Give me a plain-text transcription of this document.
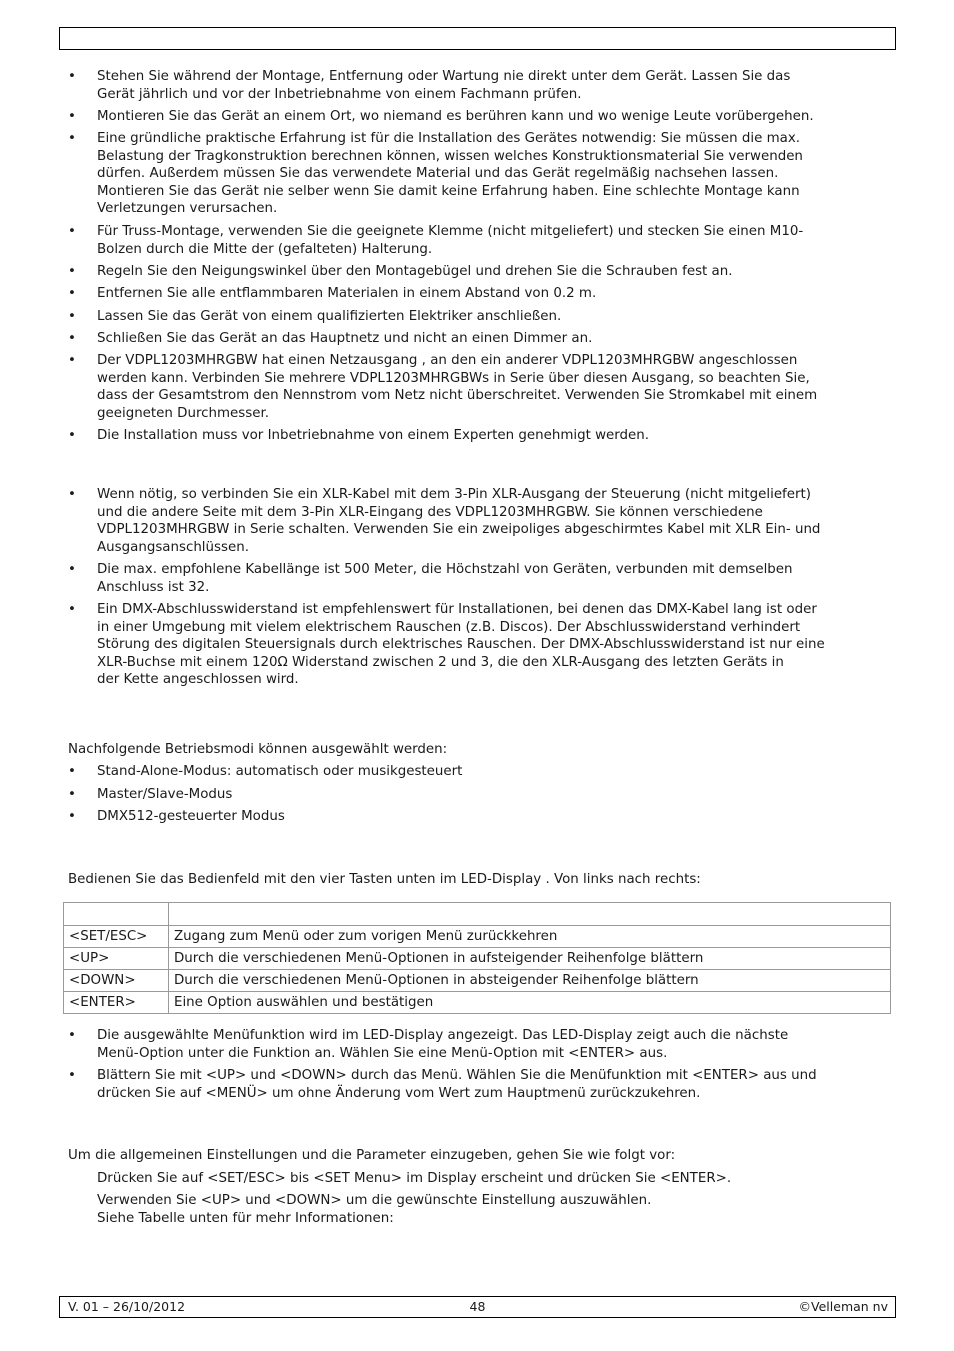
• Stehen Sie während der Montage, Entfernung oder Wartung nie direkt unter dem Gerät. Lassen Sie das
Gerät jährlich und vor der Inbetriebnahme von einem Fachmann prüfen.
• Montieren Sie das Gerät an einem Ort, wo niemand es berühren kann und wo wenige Leute vorübergehen.
• Eine gründliche praktische Erfahrung ist für die Installation des Gerätes notwendig: Sie müssen die max.
Belastung der Tragkonstruktion berechnen können, wissen welches Konstruktionsmaterial Sie verwenden
dürfen. Außerdem müssen Sie das verwendete Material und das Gerät regelmäßig nachsehen lassen.
Montieren Sie das Gerät nie selber wenn Sie damit keine Erfahrung haben. Eine schlechte Montage kann
Verletzungen verursachen.
• Für Truss-Montage, verwenden Sie die geeignete Klemme (nicht mitgeliefert) und stecken Sie einen M10-
Bolzen durch die Mitte der (gefalteten) Halterung.
• Regeln Sie den Neigungswinkel über den Montagebügel und drehen Sie die Schrauben fest an.
• Entfernen Sie alle entflammbaren Materialen in einem Abstand von 0.2 m.
• Lassen Sie das Gerät von einem qualifizierten Elektriker anschließen.
• Schließen Sie das Gerät an das Hauptnetz und nicht an einen Dimmer an.
• Der VDPL1203MHRGBW hat einen Netzausgang , an den ein anderer VDPL1203MHRGBW angeschlossen
werden kann. Verbinden Sie mehrere VDPL1203MHRGBWs in Serie über diesen Ausgang, so beachten Sie,
dass der Gesamtstrom den Nennstrom vom Netz nicht überschreitet. Verwenden Sie Stromkabel mit einem
geeigneten Durchmesser.
• Die Installation muss vor Inbetriebnahme von einem Experten genehmigt werden.
• Wenn nötig, so verbinden Sie ein XLR-Kabel mit dem 3-Pin XLR-Ausgang der Steuerung (nicht mitgeliefert)
und die andere Seite mit dem 3-Pin XLR-Eingang des VDPL1203MHRGBW. Sie können verschiedene
VDPL1203MHRGBW in Serie schalten. Verwenden Sie ein zweipoliges abgeschirmtes Kabel mit XLR Ein- und
Ausgangsanschlüssen.
• Die max. empfohlene Kabellänge ist 500 Meter, die Höchstzahl von Geräten, verbunden mit demselben
Anschluss ist 32.
• Ein DMX-Abschlusswiderstand ist empfehlenswert für Installationen, bei denen das DMX-Kabel lang ist oder
in einer Umgebung mit vielem elektrischem Rauschen (z.B. Discos). Der Abschlusswiderstand verhindert
Störung des digitalen Steuersignals durch elektrisches Rauschen. Der DMX-Abschlusswiderstand ist nur eine
XLR-Buchse mit einem 120Ω Widerstand zwischen 2 und 3, die den XLR-Ausgang des letzten Geräts in
der Kette angeschlossen wird.
Nachfolgende Betriebsmodi können ausgewählt werden:
• Stand-Alone-Modus: automatisch oder musikgesteuert
• Master/Slave-Modus
• DMX512-gesteuerter Modus
Bedienen Sie das Bedienfeld mit den vier Tasten unten im LED-Display . Von links nach rechts:

<SET/ESC>	Zugang zum Menü oder zum vorigen Menü zurückkehren
<UP>	Durch die verschiedenen Menü-Optionen in aufsteigender Reihenfolge blättern
<DOWN>	Durch die verschiedenen Menü-Optionen in absteigender Reihenfolge blättern
<ENTER>	Eine Option auswählen und bestätigen
• Die ausgewählte Menüfunktion wird im LED-Display angezeigt. Das LED-Display zeigt auch die nächste
Menü-Option unter die Funktion an. Wählen Sie eine Menü-Option mit <ENTER> aus.
• Blättern Sie mit <UP> und <DOWN> durch das Menü. Wählen Sie die Menüfunktion mit <ENTER> aus und
drücken Sie auf <MENÜ> um ohne Änderung vom Wert zum Hauptmenü zurückzukehren.
Um die allgemeinen Einstellungen und die Parameter einzugeben, gehen Sie wie folgt vor:
Drücken Sie auf <SET/ESC> bis <SET Menu> im Display erscheint und drücken Sie <ENTER>.
Verwenden Sie <UP> und <DOWN> um die gewünschte Einstellung auszuwählen.
Siehe Tabelle unten für mehr Informationen:
V. 01 – 26/10/2012	48	©Velleman nv
